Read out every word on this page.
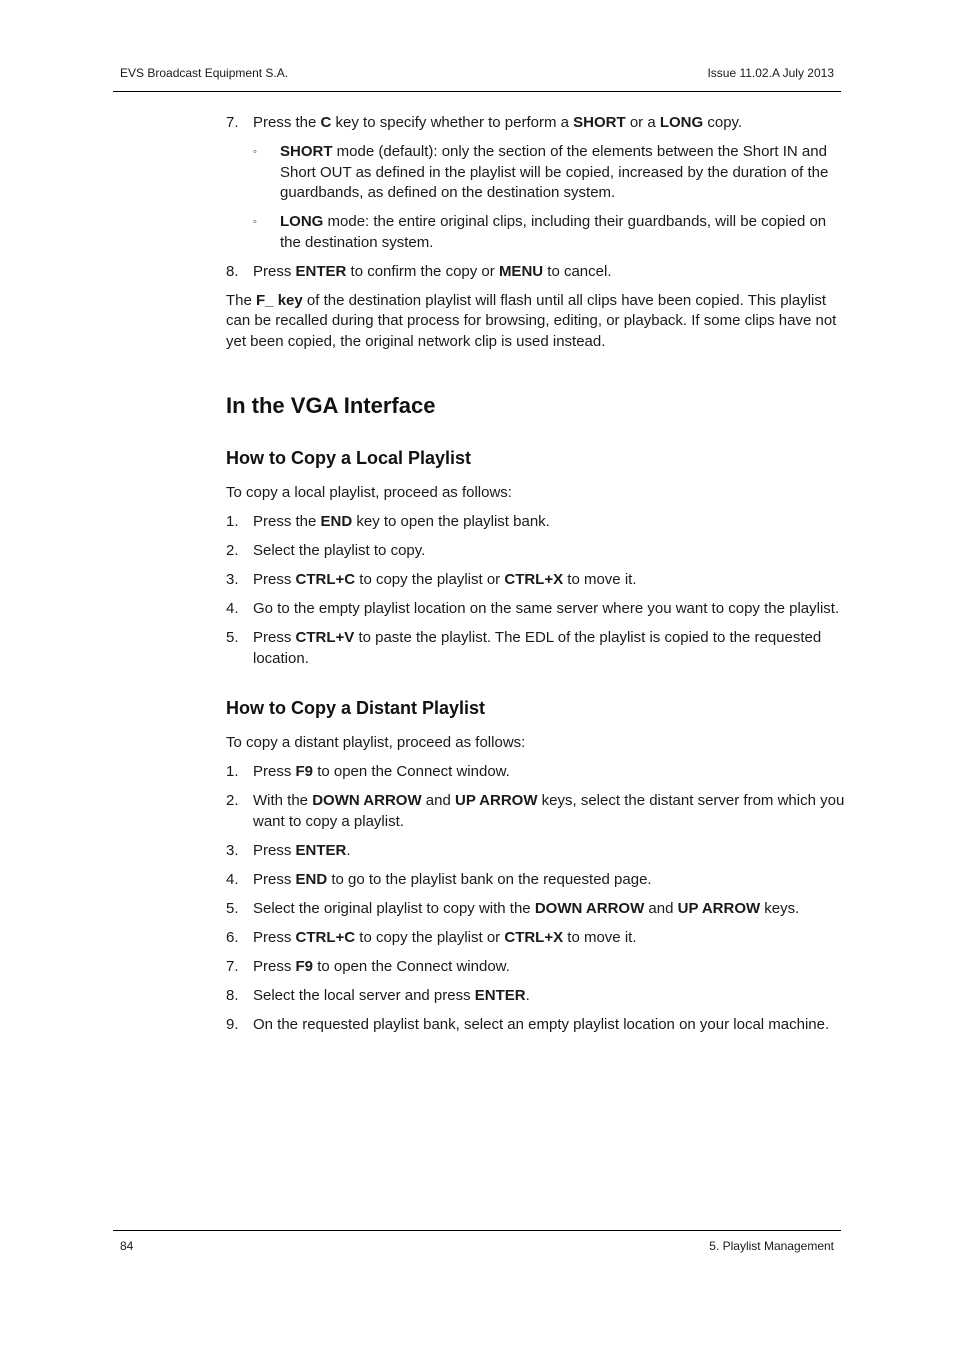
EVS Broadcast Equipment S.A.	Issue 11.02.A July 2013
7. Press the C key to specify whether to perform a SHORT or a LONG copy.
◦ SHORT mode (default): only the section of the elements between the Short IN and Short OUT as defined in the playlist will be copied, increased by the duration of the guardbands, as defined on the destination system.
◦ LONG mode: the entire original clips, including their guardbands, will be copied on the destination system.
8. Press ENTER to confirm the copy or MENU to cancel.

The F_ key of the destination playlist will flash until all clips have been copied. This playlist can be recalled during that process for browsing, editing, or playback. If some clips have not yet been copied, the original network clip is used instead.

In the VGA Interface
How to Copy a Local Playlist

To copy a local playlist, proceed as follows:

1. Press the END key to open the playlist bank.
2. Select the playlist to copy.
3. Press CTRL+C to copy the playlist or CTRL+X to move it.
4. Go to the empty playlist location on the same server where you want to copy the playlist.
5. Press CTRL+V to paste the playlist. The EDL of the playlist is copied to the requested location.
How to Copy a Distant Playlist

To copy a distant playlist, proceed as follows:

1. Press F9 to open the Connect window.
2. With the DOWN ARROW and UP ARROW keys, select the distant server from which you want to copy a playlist.
3. Press ENTER.
4. Press END to go to the playlist bank on the requested page.
5. Select the original playlist to copy with the DOWN ARROW and UP ARROW keys.
6. Press CTRL+C to copy the playlist or CTRL+X to move it.
7. Press F9 to open the Connect window.
8. Select the local server and press ENTER.
9. On the requested playlist bank, select an empty playlist location on your local machine.
84	5. Playlist Management
